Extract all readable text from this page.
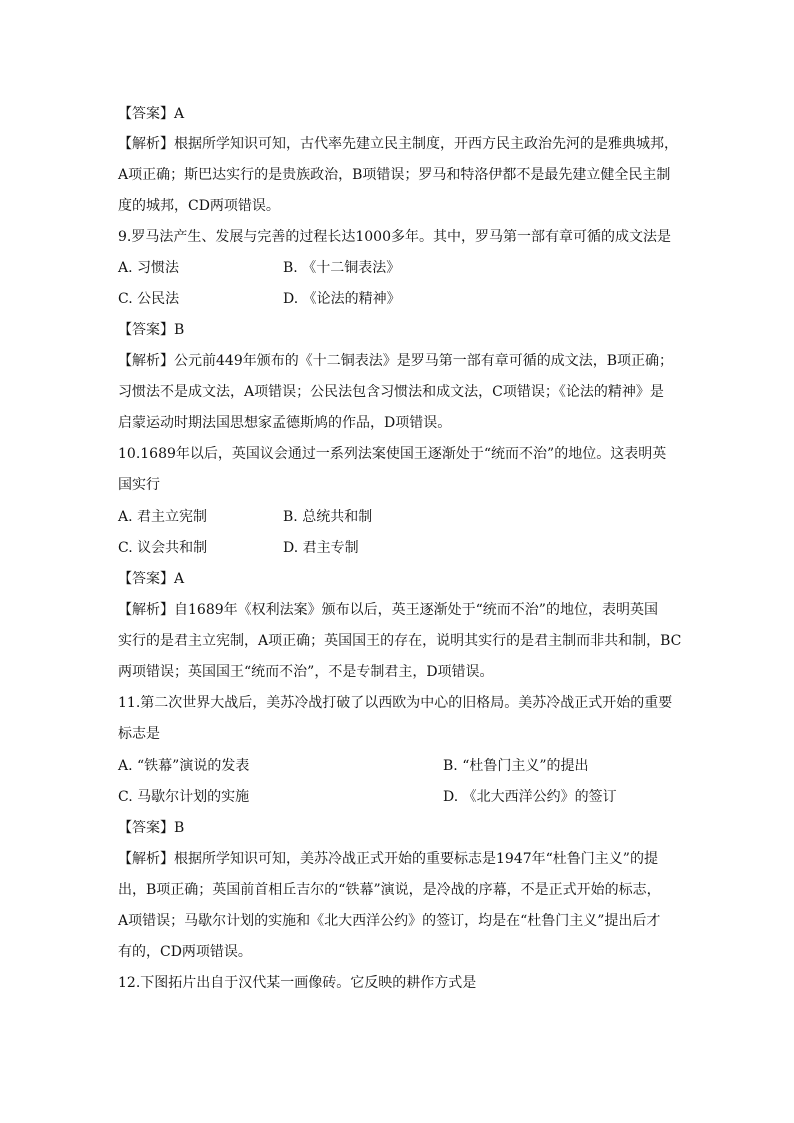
【答案】A
【解析】根据所学知识可知，古代率先建立民主制度，开西方民主政治先河的是雅典城邦，
A项正确；斯巴达实行的是贵族政治，B项错误；罗马和特洛伊都不是最先建立健全民主制
度的城邦，CD两项错误。
9.罗马法产生、发展与完善的过程长达1000多年。其中，罗马第一部有章可循的成文法是
A. 习惯法	B. 《十二铜表法》
C. 公民法	D. 《论法的精神》
【答案】B
【解析】公元前449年颁布的《十二铜表法》是罗马第一部有章可循的成文法，B项正确；
习惯法不是成文法，A项错误；公民法包含习惯法和成文法，C项错误；《论法的精神》是
启蒙运动时期法国思想家孟德斯鸠的作品，D项错误。
10.1689年以后，英国议会通过一系列法案使国王逐渐处于“统而不治”的地位。这表明英
国实行
A. 君主立宪制	B. 总统共和制
C. 议会共和制	D. 君主专制
【答案】A
【解析】自1689年《权利法案》颁布以后，英王逐渐处于“统而不治”的地位，表明英国
实行的是君主立宪制，A项正确；英国国王的存在，说明其实行的是君主制而非共和制，BC
两项错误；英国国王“统而不治”，不是专制君主，D项错误。
11.第二次世界大战后，美苏冷战打破了以西欧为中心的旧格局。美苏冷战正式开始的重要
标志是
A. “铁幕”演说的发表	B. “杜鲁门主义”的提出
C. 马歇尔计划的实施	D. 《北大西洋公约》的签订
【答案】B
【解析】根据所学知识可知，美苏冷战正式开始的重要标志是1947年“杜鲁门主义”的提
出，B项正确；英国前首相丘吉尔的“铁幕”演说，是冷战的序幕，不是正式开始的标志，
A项错误；马歇尔计划的实施和《北大西洋公约》的签订，均是在“杜鲁门主义”提出后才
有的，CD两项错误。
12.下图拓片出自于汉代某一画像砖。它反映的耕作方式是
